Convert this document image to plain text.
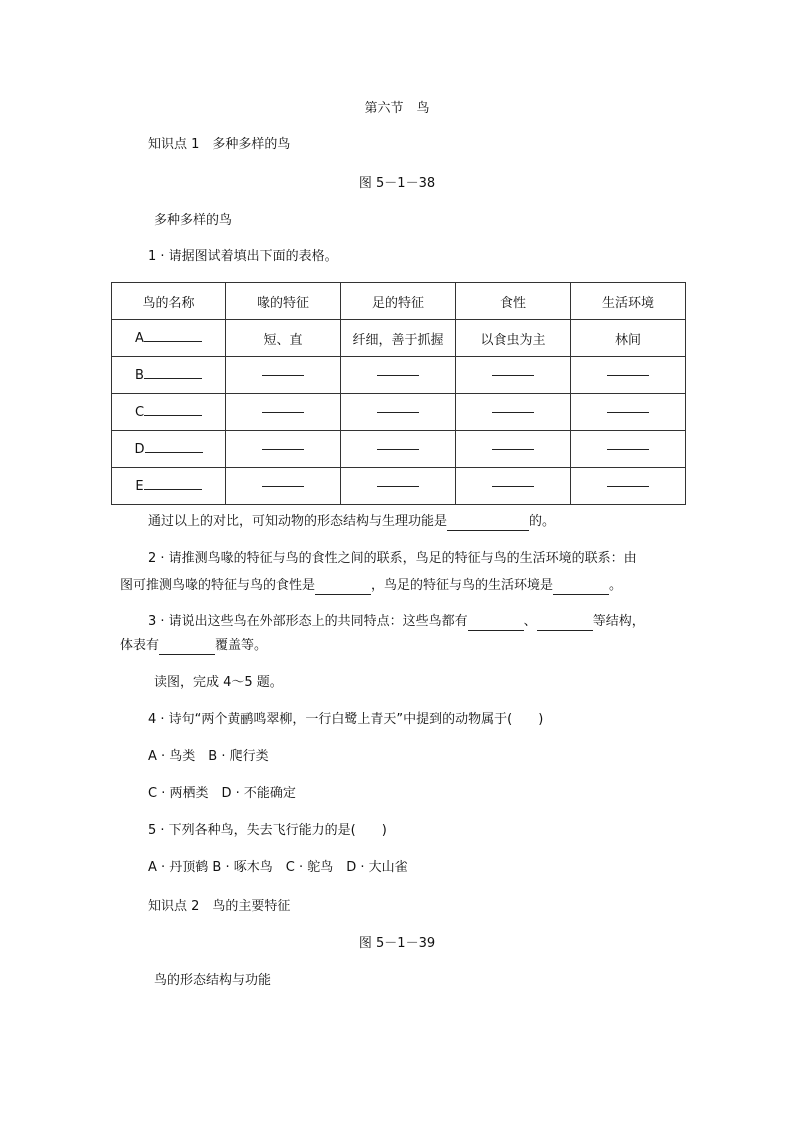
第六节　鸟
知识点 1　多种多样的鸟
图 5－1－38
多种多样的鸟
1 · 请据图试着填出下面的表格。
鸟的名称	喙的特征	足的特征	食性	生活环境
A	短、直	纤细，善于抓握	以食虫为主	林间
B				
C				
D				
E				
通过以上的对比，可知动物的形态结构与生理功能是	的。
2 · 请推测鸟喙的特征与鸟的食性之间的联系，鸟足的特征与鸟的生活环境的联系：由
图可推测鸟喙的特征与鸟的食性是	，鸟足的特征与鸟的生活环境是	。
3 · 请说出这些鸟在外部形态上的共同特点：这些鸟都有	、	等结构，
体表有	覆盖等。
读图，完成 4～5 题。
4 · 诗句“两个黄鹂鸣翠柳，一行白鹭上青天”中提到的动物属于(　　)
A · 鸟类　B · 爬行类
C · 两栖类　D · 不能确定
5 · 下列各种鸟，失去飞行能力的是(　　)
A · 丹顶鹤 B · 啄木鸟　C · 鸵鸟　D · 大山雀
知识点 2　鸟的主要特征
图 5－1－39
鸟的形态结构与功能
